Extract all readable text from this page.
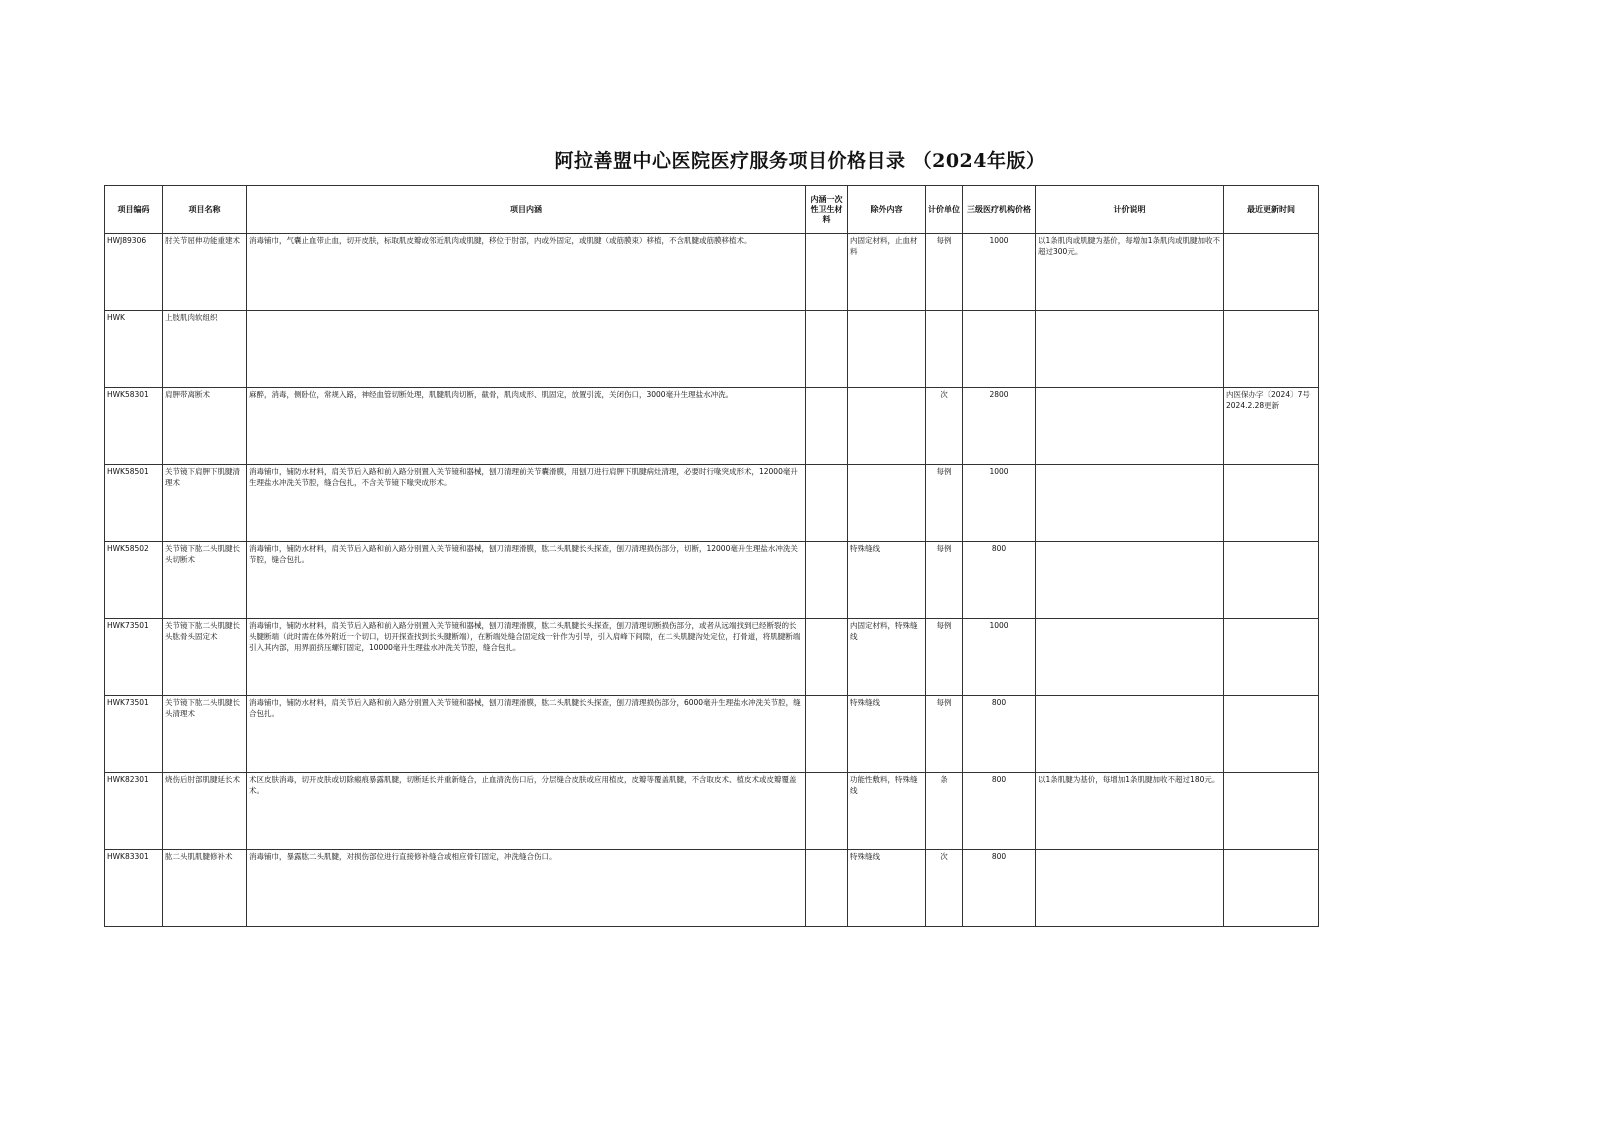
阿拉善盟中心医院医疗服务项目价格目录 （2024年版）
项目编码	项目名称	项目内涵	内涵一次性卫生材料	除外内容	计价单位	三级医疗机构价格	计价说明	最近更新时间
HWJ89306	肘关节屈伸功能重建术	消毒铺巾，气囊止血带止血，切开皮肤，标取肌皮瓣或邻近肌肉或肌腱，移位于肘部，内或外固定，或肌腱（或筋膜束）移植，不含肌腱或筋膜移植术。		内固定材料，止血材料	每例	1000	以1条肌肉或肌腱为基价，每增加1条肌肉或肌腱加收不超过300元。	
HWK	上肢肌肉软组织							
HWK58301	肩胛带离断术	麻醉，消毒，侧卧位，常规入路，神经血管切断处理，肌腱肌肉切断，截骨，肌肉成形、肌固定，放置引流，关闭伤口，3000毫升生理盐水冲洗。			次	2800		内医保办字〔2024〕7号 2024.2.28更新
HWK58501	关节镜下肩胛下肌腱清理术	消毒铺巾，铺防水材料，肩关节后入路和前入路分别置入关节镜和器械，刨刀清理前关节囊滑膜，用刨刀进行肩胛下肌腱病灶清理，必要时行喙突成形术，12000毫升生理盐水冲洗关节腔，缝合包扎，不含关节镜下喙突成形术。			每例	1000		
HWK58502	关节镜下肱二头肌腱长头切断术	消毒铺巾，铺防水材料，肩关节后入路和前入路分别置入关节镜和器械，刨刀清理滑膜，肱二头肌腱长头探查，刨刀清理损伤部分，切断，12000毫升生理盐水冲洗关节腔，缝合包扎。		特殊缝线	每例	800		
HWK73501	关节镜下肱二头肌腱长头肱骨头固定术	消毒铺巾，铺防水材料，肩关节后入路和前入路分别置入关节镜和器械，刨刀清理滑膜，肱二头肌腱长头探查，刨刀清理切断损伤部分，或者从远端找到已经断裂的长头腱断端（此时需在体外附近一个切口，切开探查找到长头腱断端），在断端处缝合固定线一针作为引导，引入肩峰下间隙，在二头肌腱沟处定位，打骨道，将肌腱断端引入其内部，用界面挤压螺钉固定，10000毫升生理盐水冲洗关节腔，缝合包扎。		内固定材料，特殊缝线	每例	1000		
HWK73501	关节镜下肱二头肌腱长头清理术	消毒铺巾，铺防水材料，肩关节后入路和前入路分别置入关节镜和器械，刨刀清理滑膜，肱二头肌腱长头探查，刨刀清理损伤部分，6000毫升生理盐水冲洗关节腔，缝合包扎。		特殊缝线	每例	800		
HWK82301	烧伤后肘部肌腱延长术	术区皮肤消毒，切开皮肤或切除瘢痕暴露肌腱，切断延长并重新缝合，止血清洗伤口后，分层缝合皮肤或应用植皮，皮瓣等覆盖肌腱，不含取皮术、植皮术或皮瓣覆盖术。		功能性敷料，特殊缝线	条	800	以1条肌腱为基价，每增加1条肌腱加收不超过180元。	
HWK83301	肱二头肌肌腱修补术	消毒铺巾，暴露肱二头肌腱，对损伤部位进行直接修补缝合或相应骨钉固定，冲洗缝合伤口。		特殊缝线	次	800		
